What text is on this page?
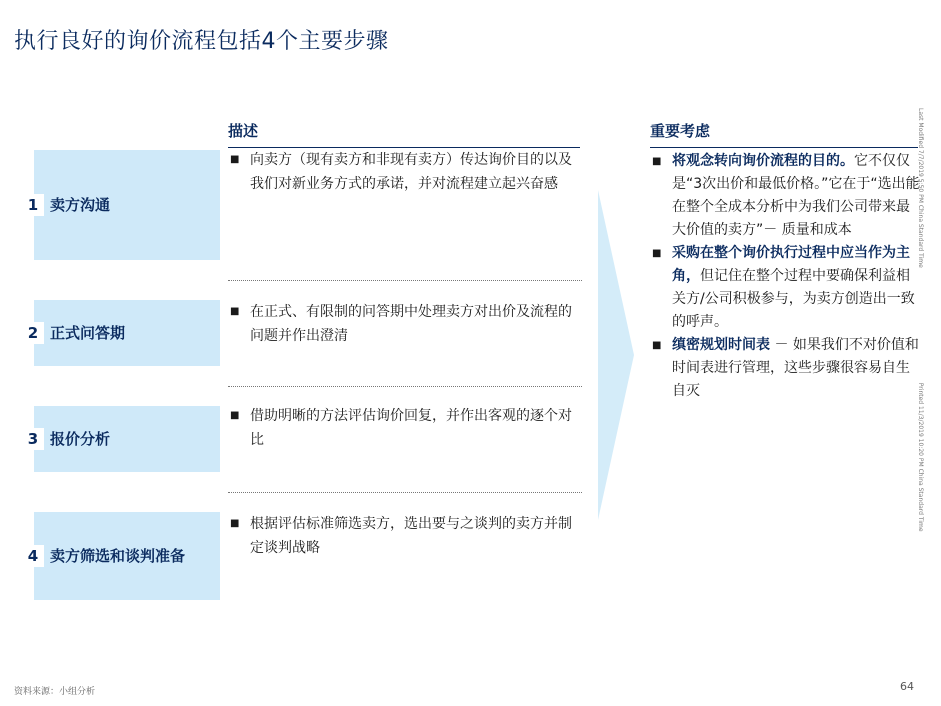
执行良好的询价流程包括4个主要步骤
描述	重要考虑
1 卖方沟通
■ 向卖方（现有卖方和非现有卖方）传达询价目的以及我们对新业务方式的承诺，并对流程建立起兴奋感
2 正式问答期
■ 在正式、有限制的问答期中处理卖方对出价及流程的问题并作出澄清
3 报价分析
■ 借助明晰的方法评估询价回复，并作出客观的逐个对比
4 卖方筛选和谈判准备
■ 根据评估标准筛选卖方，选出要与之谈判的卖方并制定谈判战略
■ 将观念转向询价流程的目的。它不仅仅是“3次出价和最低价格。”它在于“选出能在整个全成本分析中为我们公司带来最大价值的卖方”－ 质量和成本
■ 采购在整个询价执行过程中应当作为主角，但记住在整个过程中要确保利益相关方/公司积极参与，为卖方创造出一致的呼声。
■ 缜密规划时间表 － 如果我们不对价值和时间表进行管理，这些步骤很容易自生自灭
Last Modified 7/7/2019 5:50 PM China Standard TimePrinted 11/3/2019 10:20 PM China Standard Time
资料来源：小组分析	64
